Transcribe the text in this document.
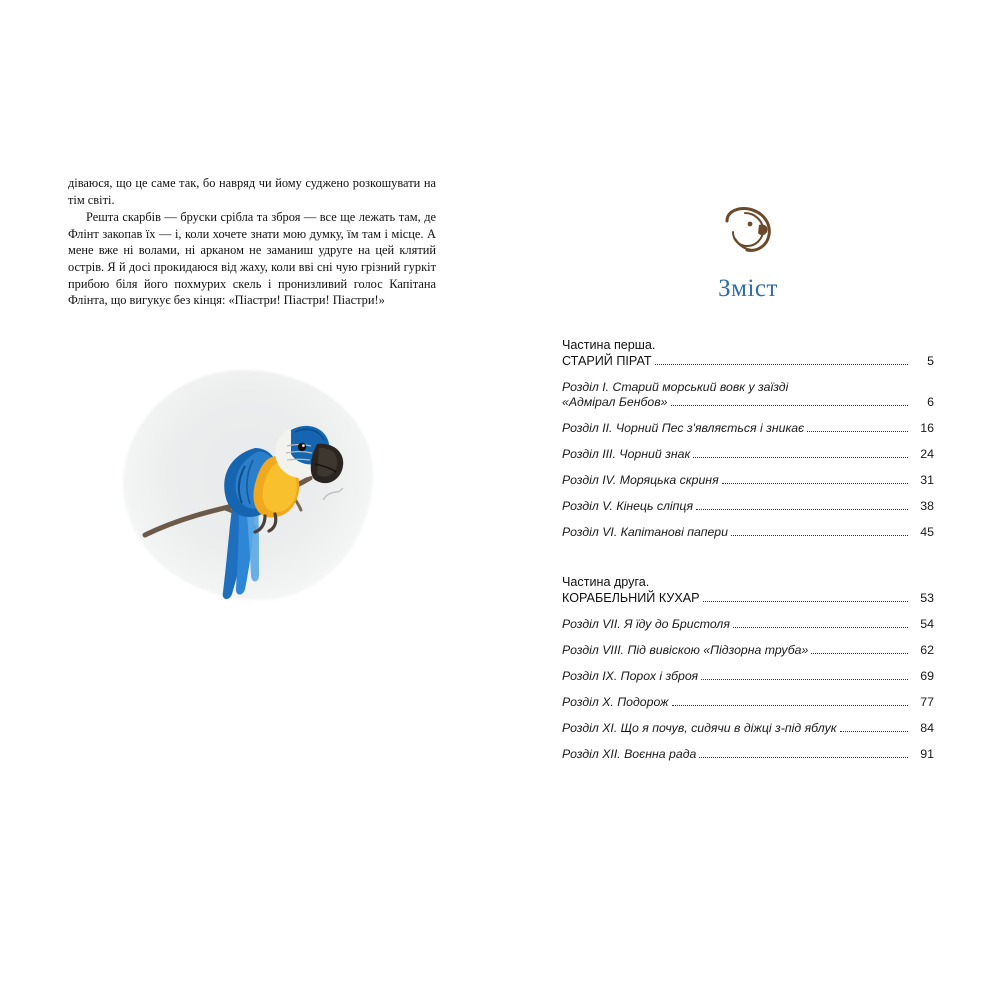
діваюся, що це саме так, бо навряд чи йому суджено розкошувати на тім світі.

Решта скарбів — бруски срібла та зброя — все ще лежать там, де Флінт закопав їх — і, коли хочете знати мою думку, їм там і місце. А мене вже ні волами, ні арканом не заманиш удруге на цей клятий острів. Я й досі прокидаюся від жаху, коли вві сні чую грізний гуркіт прибою біля його похмурих скель і пронизливий голос Капітана Флінта, що вигукує без кінця: «Піастри! Піастри! Піастри!»	Зміст
Частина перша.
СТАРИЙ ПІРАТ	5
Розділ I. Старий морський вовк у заїзді
«Адмірал Бенбов»	6
Розділ II. Чорний Пес з'являється і зникає	16
Розділ III. Чорний знак	24
Розділ IV. Моряцька скриня	31
Розділ V. Кінець сліпця	38
Розділ VI. Капітанові папери	45
Частина друга.
КОРАБЕЛЬНИЙ КУХАР	53
Розділ VII. Я їду до Бристоля	54
Розділ VIII. Під вивіскою «Підзорна труба»	62
Розділ IX. Порох і зброя	69
Розділ X. Подорож	77
Розділ XI. Що я почув, сидячи в діжці з-під яблук	84
Розділ XII. Воєнна рада	91
